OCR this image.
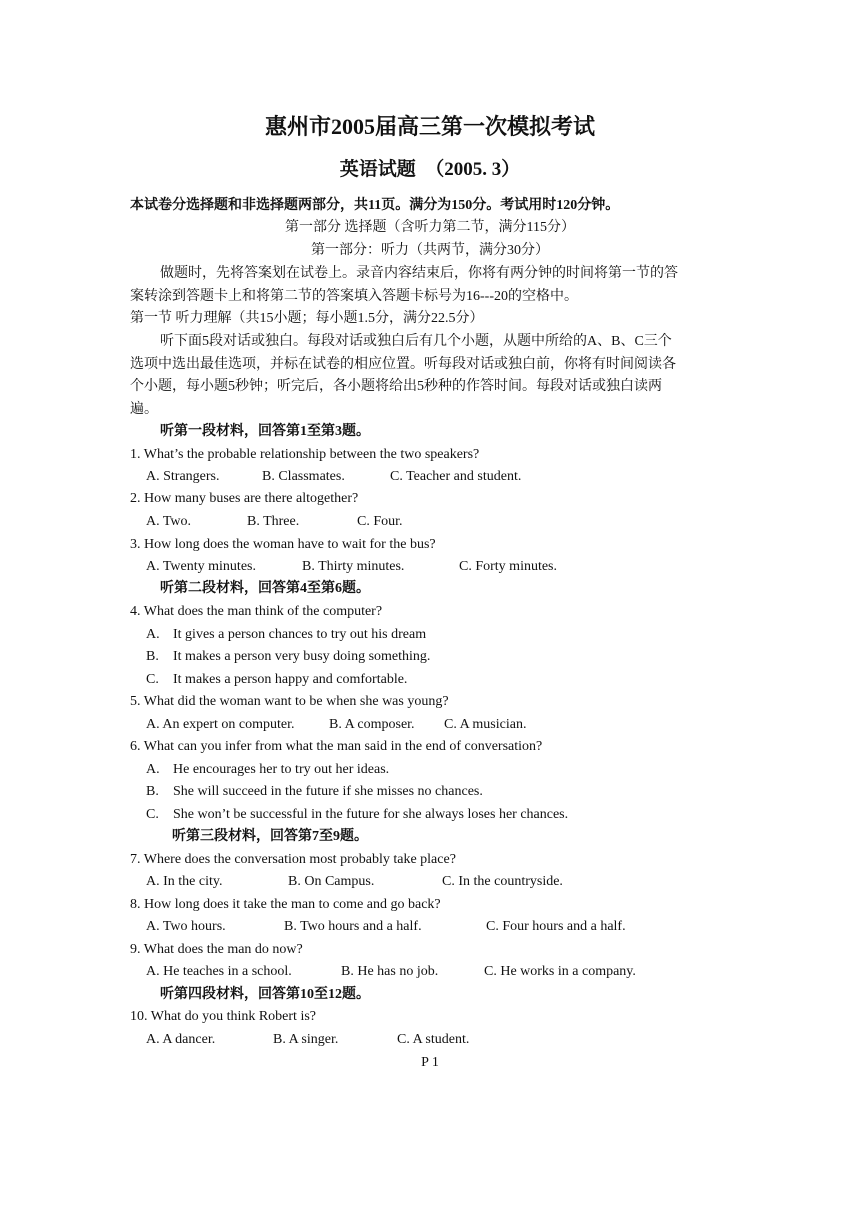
惠州市2005届高三第一次模拟考试
英语试题　（2005. 3）
本试卷分选择题和非选择题两部分，共11页。满分为150分。考试用时120分钟。
第一部分 选择题（含听力第二节，满分115分）
第一部分：听力（共两节，满分30分）
做题时，先将答案划在试卷上。录音内容结束后，你将有两分钟的时间将第一节的答
案转涂到答题卡上和将第二节的答案填入答题卡标号为16---20的空格中。
第一节 听力理解（共15小题；每小题1.5分，满分22.5分）
听下面5段对话或独白。每段对话或独白后有几个小题，从题中所给的A、B、C三个
选项中选出最佳选项，并标在试卷的相应位置。听每段对话或独白前，你将有时间阅读各
个小题，每小题5秒钟；听完后，各小题将给出5秒种的作答时间。每段对话或独白读两
遍。
听第一段材料，回答第1至第3题。
1. What’s the probable relationship between the two speakers?
A. Strangers.	B. Classmates.	C. Teacher and student.
2. How many buses are there altogether?
A. Two.	B. Three.	C. Four.
3. How long does the woman have to wait for the bus?
A. Twenty minutes.	B. Thirty minutes.	C. Forty minutes.
听第二段材料，回答第4至第6题。
4. What does the man think of the computer?
A. It gives a person chances to try out his dream
B. It makes a person very busy doing something.
C. It makes a person happy and comfortable.
5. What did the woman want to be when she was young?
A. An expert on computer. B. A composer. C. A musician.
6. What can you infer from what the man said in the end of conversation?
A. He encourages her to try out her ideas.
B. She will succeed in the future if she misses no chances.
C. She won’t be successful in the future for she always loses her chances.
听第三段材料，回答第7至9题。
7. Where does the conversation most probably take place?
A. In the city.	B. On Campus.	C. In the countryside.
8. How long does it take the man to come and go back?
A. Two hours.	B. Two hours and a half.	C. Four hours and a half.
9. What does the man do now?
A. He teaches in a school.	B. He has no job.	C. He works in a company.
听第四段材料，回答第10至12题。
10. What do you think Robert is?
A. A dancer.	B. A singer.	C. A student.
P 1
